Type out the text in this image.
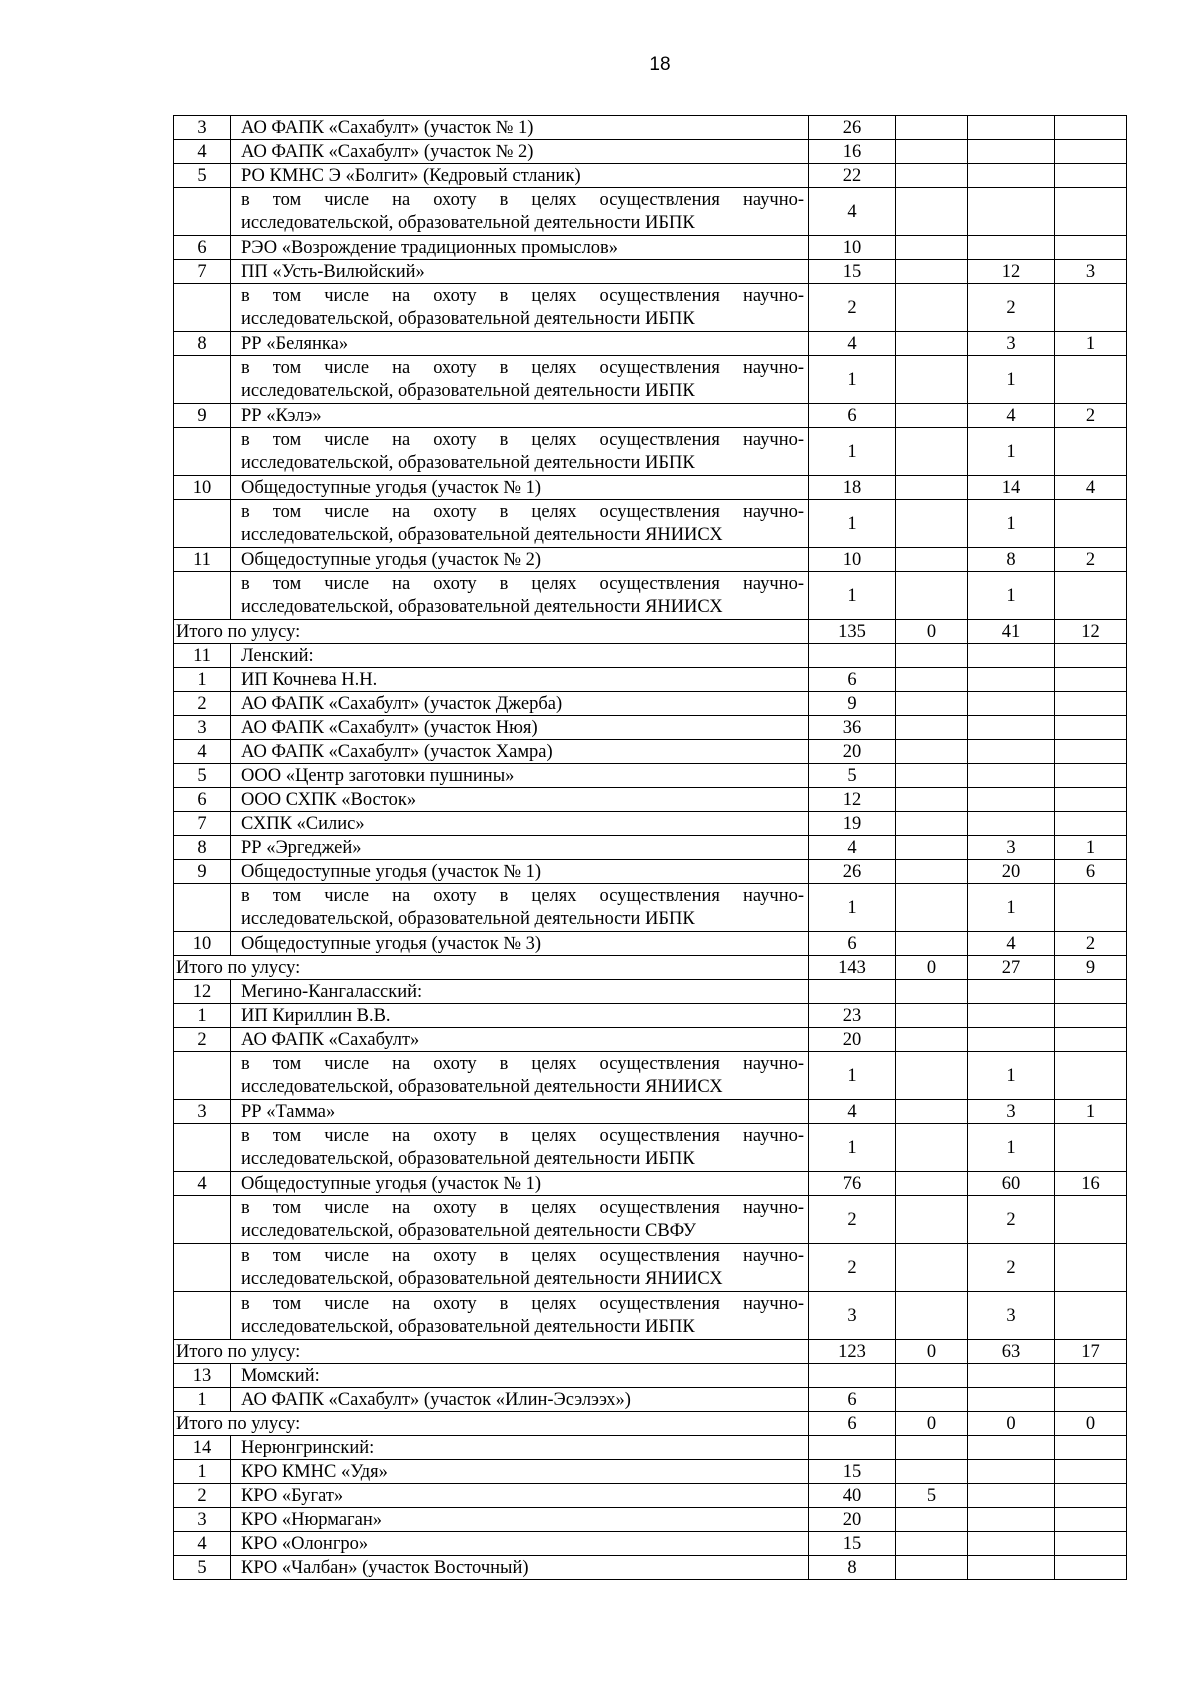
18
3	АО ФАПК «Сахабулт» (участок № 1)	26			
4	АО ФАПК «Сахабулт» (участок № 2)	16			
5	РО КМНС Э «Болгит» (Кедровый стланик)	22			
	в том числе на охоту в целях осуществления научно-исследовательской, образовательной деятельности ИБПК	4			
6	РЭО «Возрождение традиционных промыслов»	10			
7	ПП «Усть-Вилюйский»	15		12	3
	в том числе на охоту в целях осуществления научно-исследовательской, образовательной деятельности ИБПК	2		2	
8	РР «Белянка»	4		3	1
	в том числе на охоту в целях осуществления научно-исследовательской, образовательной деятельности ИБПК	1		1	
9	РР «Кэлэ»	6		4	2
	в том числе на охоту в целях осуществления научно-исследовательской, образовательной деятельности ИБПК	1		1	
10	Общедоступные угодья (участок № 1)	18		14	4
	в том числе на охоту в целях осуществления научно-исследовательской, образовательной деятельности ЯНИИСХ	1		1	
11	Общедоступные угодья (участок № 2)	10		8	2
	в том числе на охоту в целях осуществления научно-исследовательской, образовательной деятельности ЯНИИСХ	1		1	
Итого по улусу:		135	0	41	12
11	Ленский:				
1	ИП Кочнева Н.Н.	6			
2	АО ФАПК «Сахабулт» (участок Джерба)	9			
3	АО ФАПК «Сахабулт» (участок Нюя)	36			
4	АО ФАПК «Сахабулт» (участок Хамра)	20			
5	ООО «Центр заготовки пушнины»	5			
6	ООО СХПК «Восток»	12			
7	СХПК «Силис»	19			
8	РР «Эргеджей»	4		3	1
9	Общедоступные угодья (участок № 1)	26		20	6
	в том числе на охоту в целях осуществления научно-исследовательской, образовательной деятельности ИБПК	1		1	
10	Общедоступные угодья (участок № 3)	6		4	2
Итого по улусу:		143	0	27	9
12	Мегино-Кангаласский:				
1	ИП Кириллин В.В.	23			
2	АО ФАПК «Сахабулт»	20			
	в том числе на охоту в целях осуществления научно-исследовательской, образовательной деятельности ЯНИИСХ	1		1	
3	РР «Тамма»	4		3	1
	в том числе на охоту в целях осуществления научно-исследовательской, образовательной деятельности ИБПК	1		1	
4	Общедоступные угодья (участок № 1)	76		60	16
	в том числе на охоту в целях осуществления научно-исследовательской, образовательной деятельности СВФУ	2		2	
	в том числе на охоту в целях осуществления научно-исследовательской, образовательной деятельности ЯНИИСХ	2		2	
	в том числе на охоту в целях осуществления научно-исследовательской, образовательной деятельности ИБПК	3		3	
Итого по улусу:		123	0	63	17
13	Момский:				
1	АО ФАПК «Сахабулт» (участок «Илин-Эсэлээх»)	6			
Итого по улусу:		6	0	0	0
14	Нерюнгринский:				
1	КРО КМНС «Удя»	15			
2	КРО «Бугат»	40	5		
3	КРО «Нюрмаган»	20			
4	КРО «Олонгро»	15			
5	КРО «Чалбан» (участок Восточный)	8			
